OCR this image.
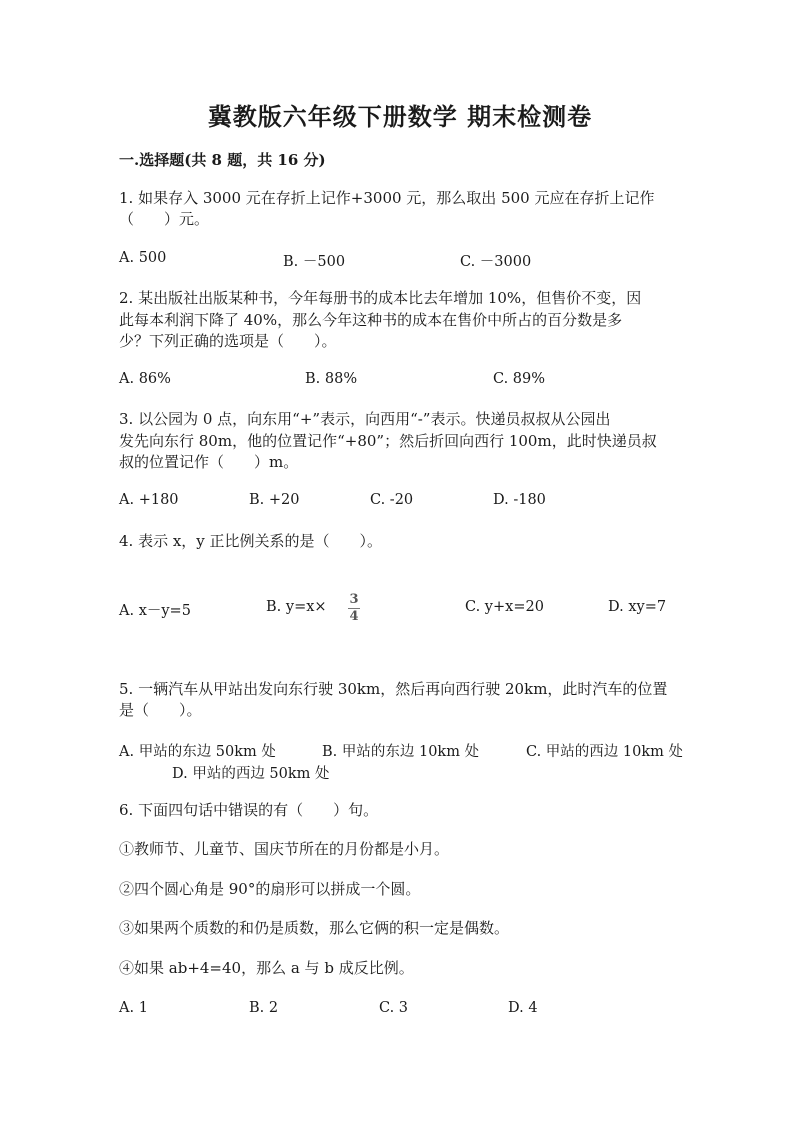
冀教版六年级下册数学 期末检测卷
一.选择题(共 8 题，共 16 分)
1. 如果存入 3000 元在存折上记作+3000 元，那么取出 500 元应在存折上记作
（　　）元。
A. 500	B. －500	C. －3000
2. 某出版社出版某种书，今年每册书的成本比去年增加 10%，但售价不变，因
此每本利润下降了 40%，那么今年这种书的成本在售价中所占的百分数是多
少？下列正确的选项是（　　）。
A. 86%	B. 88%	C. 89%
3. 以公园为 0 点，向东用“+”表示，向西用“-”表示。快递员叔叔从公园出
发先向东行 80m，他的位置记作“+80”；然后折回向西行 100m，此时快递员叔
叔的位置记作（　　）m。
A. +180	B. +20	C. -20	D. -180
4. 表示 x，y 正比例关系的是（　　）。
A. x－y=5	B. y=x× 3
4
C. y+x=20	D. xy=7
5. 一辆汽车从甲站出发向东行驶 30km，然后再向西行驶 20km，此时汽车的位置
是（　　）。
A. 甲站的东边 50km 处	B. 甲站的东边 10km 处	C. 甲站的西边 10km 处
D. 甲站的西边 50km 处
6. 下面四句话中错误的有（　　）句。
①教师节、儿童节、国庆节所在的月份都是小月。
②四个圆心角是 90°的扇形可以拼成一个圆。
③如果两个质数的和仍是质数，那么它俩的积一定是偶数。
④如果 ab+4=40，那么 a 与 b 成反比例。
A. 1	B. 2	C. 3	D. 4
